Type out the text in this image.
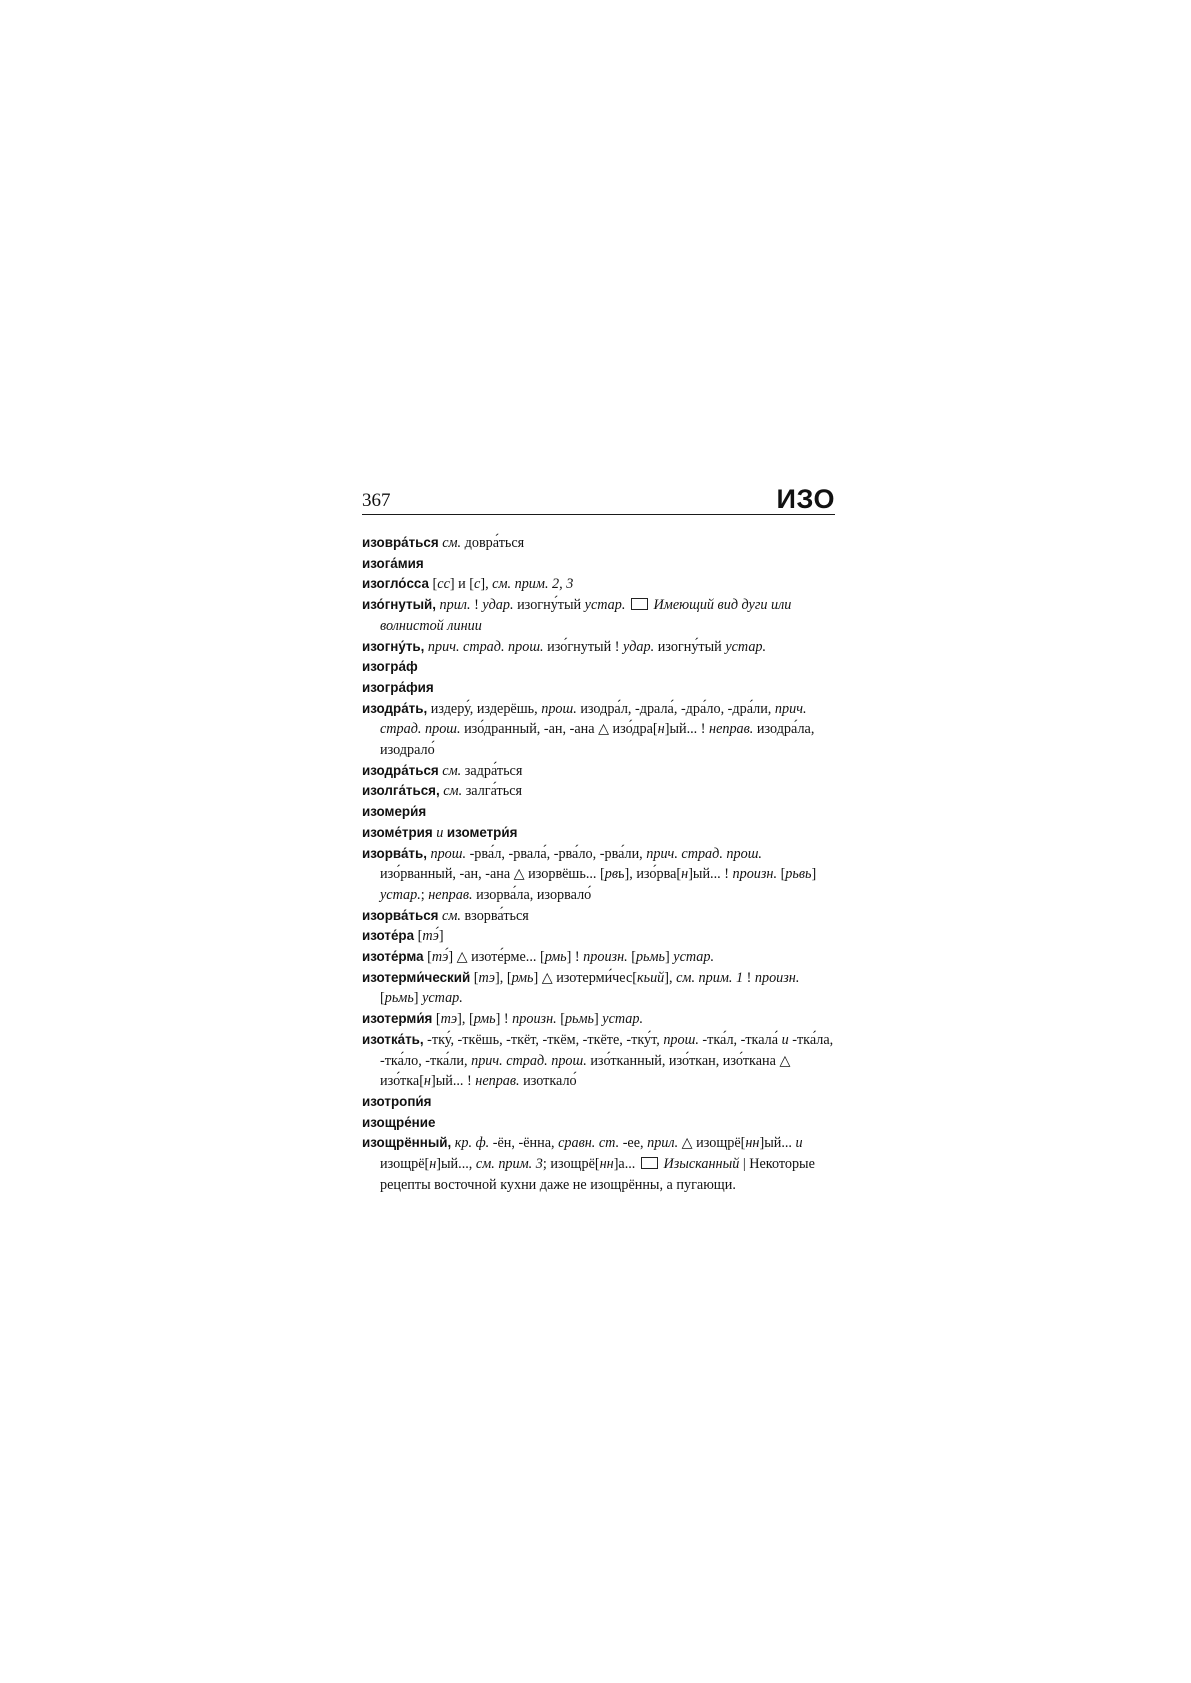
367	ИЗО

изовра́ться см. довра́ться

изога́мия

изогло́сса [сс] и [с], см. прим. 2, 3

изо́гнутый, прил. ! удар. изогну́тый устар. Имеющий вид дуги или волнистой линии

изогну́ть, прич. страд. прош. изо́гнутый ! удар. изогну́тый устар.

изогра́ф

изогра́фия

изодра́ть, издеру́, издерёшь, прош. изодра́л, -драла́, -дра́ло, -дра́ли, прич. страд. прош. изо́дранный, -ан, -ана △ изо́дра[н]ый... ! неправ. изодра́ла, изодрало́

изодра́ться см. задра́ться

изолга́ться, см. залга́ться

изомери́я

изоме́трия и изометри́я

изорва́ть, прош. -рва́л, -рвала́, -рва́ло, -рва́ли, прич. страд. прош. изо́рванный, -ан, -ана △ изорвёшь... [рвь], изо́рва[н]ый... ! произн. [рьвь] устар.; неправ. изорва́ла, изорвало́

изорва́ться см. взорва́ться

изоте́ра [тэ́]

изоте́рма [тэ́] △ изоте́рме... [рмь] ! произн. [рьмь] устар.

изотерми́ческий [тэ], [рмь] △ изотерми́чес[кьий], см. прим. 1 ! произн. [рьмь] устар.

изотерми́я [тэ], [рмь] ! произн. [рьмь] устар.

изотка́ть, -тку́, -ткёшь, -ткёт, -ткём, -ткёте, -тку́т, прош. -тка́л, -ткала́ и -тка́ла, -тка́ло, -тка́ли, прич. страд. прош. изо́тканный, изо́ткан, изо́ткана △ изо́тка[н]ый... ! неправ. изоткало́

изотропи́я

изощре́ние

изощрённый, кр. ф. -ён, -ённа, сравн. ст. -ее, прил. △ изощрё[нн]ый... и изощрё[н]ый..., см. прим. 3; изощрё[нн]а...  Изысканный | Некоторые рецепты восточной кухни даже не изощрённы, а пугающи.
